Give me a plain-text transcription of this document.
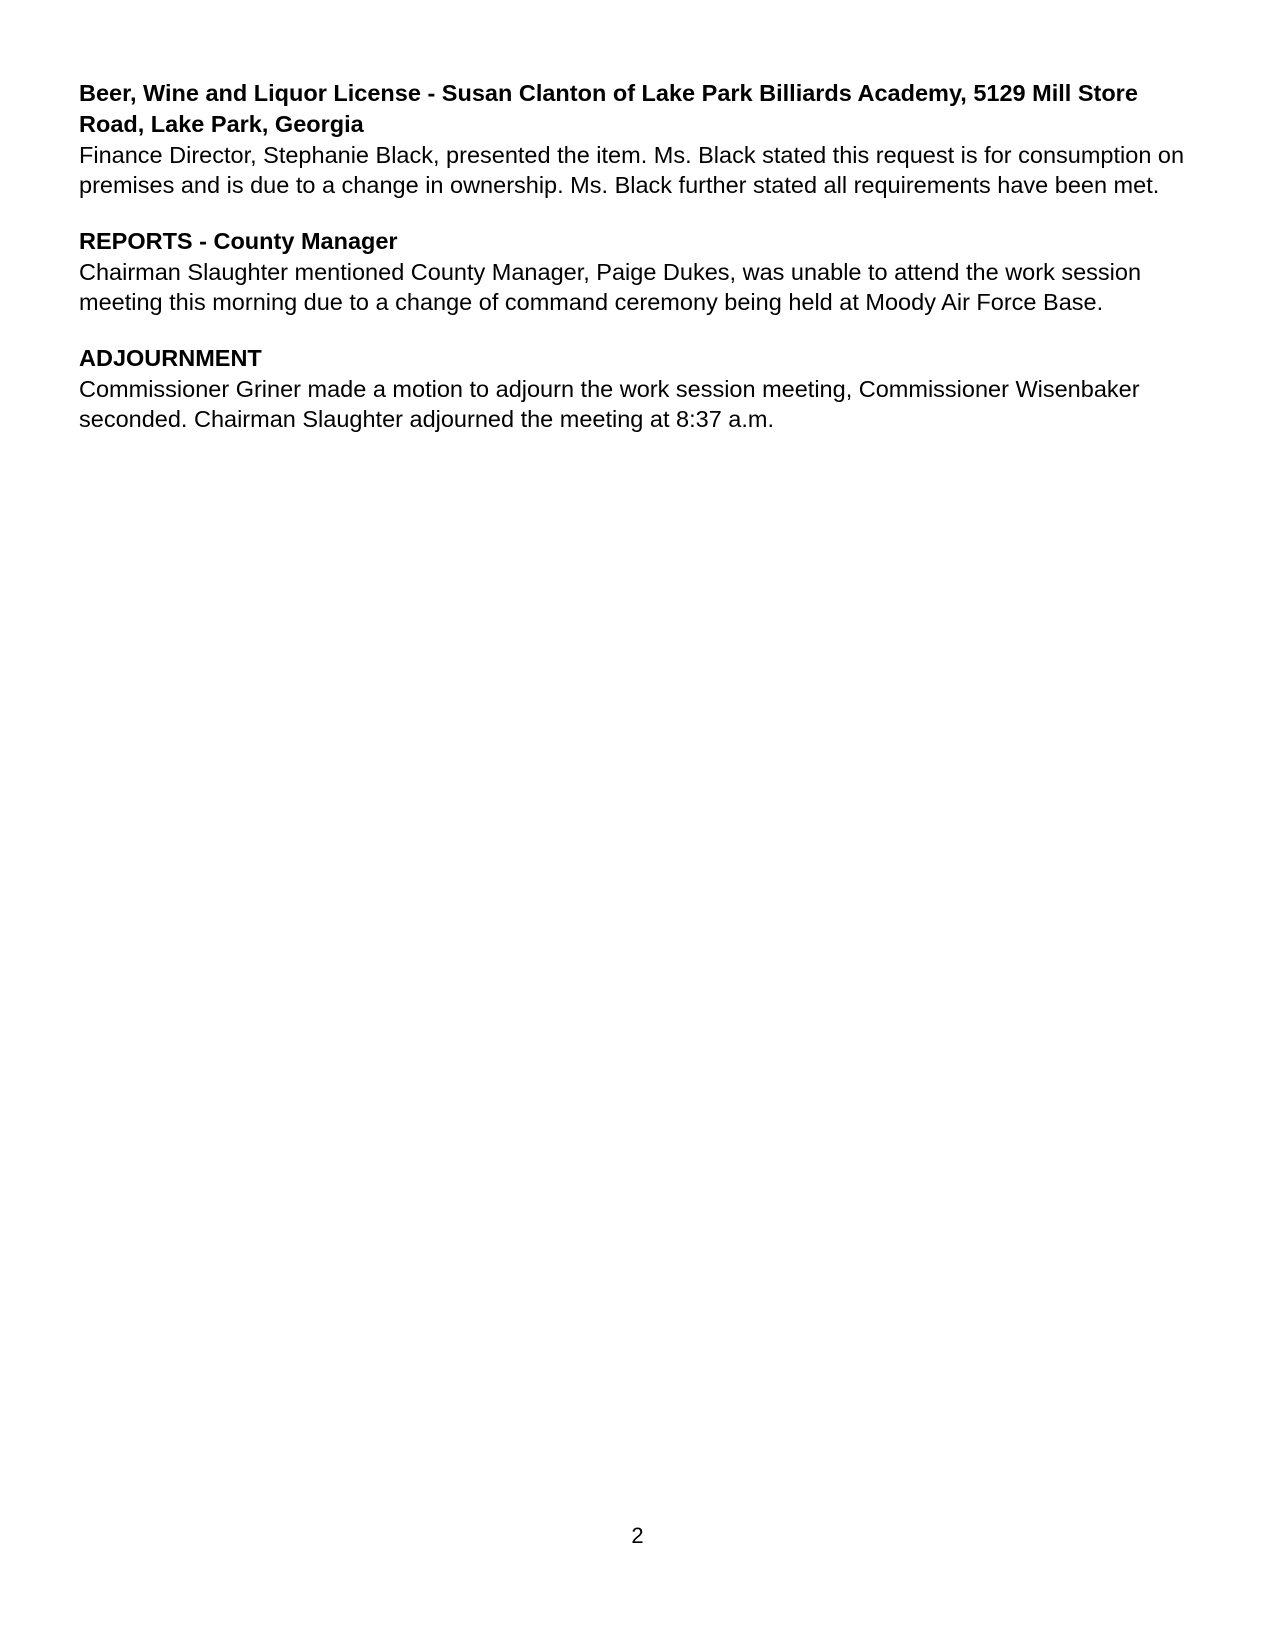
Beer, Wine and Liquor License - Susan Clanton of Lake Park Billiards Academy, 5129 Mill Store Road, Lake Park, Georgia
Finance Director, Stephanie Black, presented the item. Ms. Black stated this request is for consumption on premises and is due to a change in ownership. Ms. Black further stated all requirements have been met.
REPORTS - County Manager
Chairman Slaughter mentioned County Manager, Paige Dukes, was unable to attend the work session meeting this morning due to a change of command ceremony being held at Moody Air Force Base.
ADJOURNMENT
Commissioner Griner made a motion to adjourn the work session meeting, Commissioner Wisenbaker seconded. Chairman Slaughter adjourned the meeting at 8:37 a.m.
2
